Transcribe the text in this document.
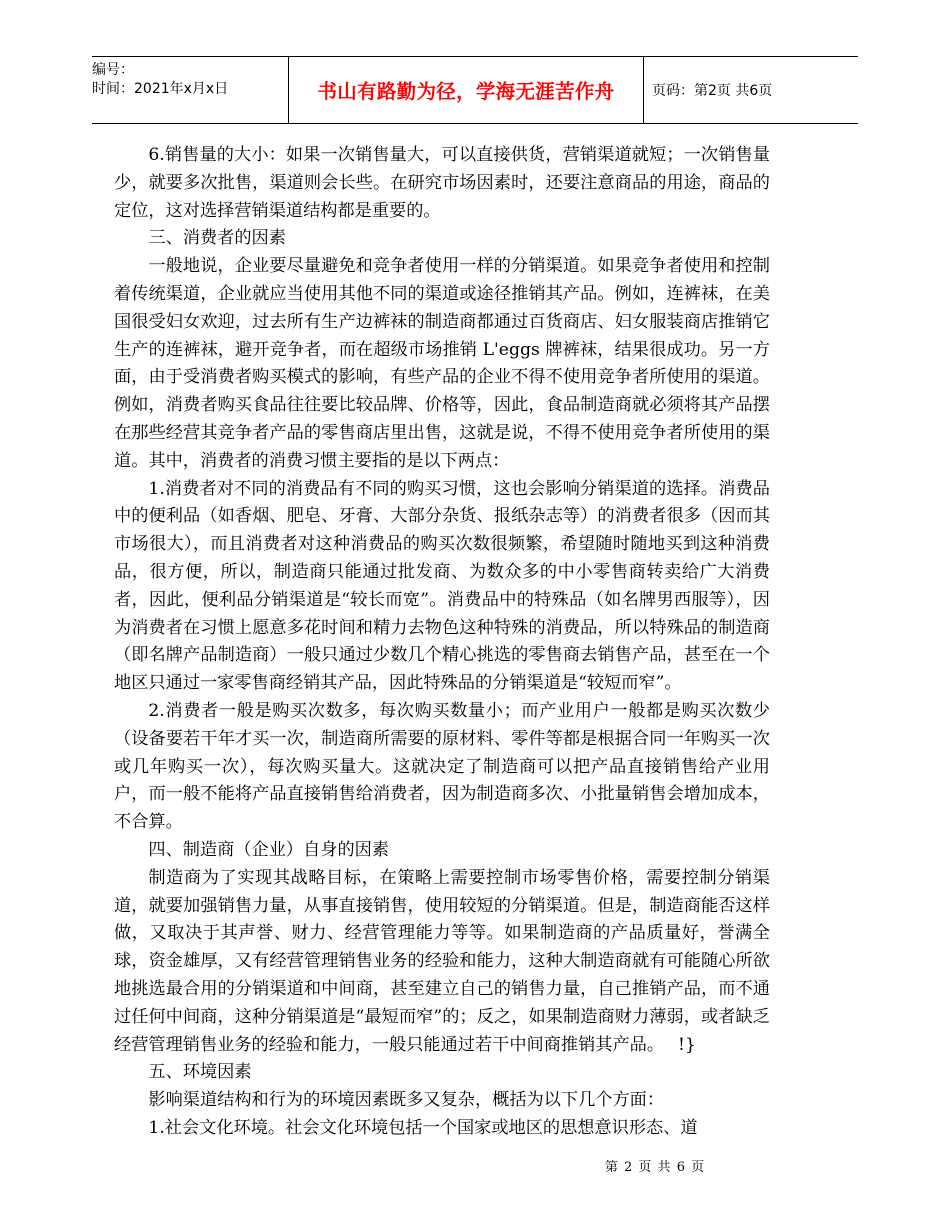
编号：
时间：2021年x月x日	书山有路勤为径，学海无涯苦作舟	页码：第2页 共6页

6.销售量的大小：如果一次销售量大，可以直接供货，营销渠道就短；一次销售量少，就要多次批售，渠道则会长些。在研究市场因素时，还要注意商品的用途，商品的定位，这对选择营销渠道结构都是重要的。

三、消费者的因素

一般地说，企业要尽量避免和竞争者使用一样的分销渠道。如果竞争者使用和控制着传统渠道，企业就应当使用其他不同的渠道或途径推销其产品。例如，连裤袜，在美国很受妇女欢迎，过去所有生产边裤袜的制造商都通过百货商店、妇女服装商店推销它生产的连裤袜，避开竞争者，而在超级市场推销 L'eggs 牌裤袜，结果很成功。另一方面，由于受消费者购买模式的影响，有些产品的企业不得不使用竞争者所使用的渠道。例如，消费者购买食品往往要比较品牌、价格等，因此，食品制造商就必须将其产品摆在那些经营其竞争者产品的零售商店里出售，这就是说，不得不使用竞争者所使用的渠道。其中，消费者的消费习惯主要指的是以下两点：

1.消费者对不同的消费品有不同的购买习惯，这也会影响分销渠道的选择。消费品中的便利品（如香烟、肥皂、牙膏、大部分杂货、报纸杂志等）的消费者很多（因而其市场很大），而且消费者对这种消费品的购买次数很频繁，希望随时随地买到这种消费品，很方便，所以，制造商只能通过批发商、为数众多的中小零售商转卖给广大消费者，因此，便利品分销渠道是“较长而宽”。消费品中的特殊品（如名牌男西服等），因为消费者在习惯上愿意多花时间和精力去物色这种特殊的消费品，所以特殊品的制造商（即名牌产品制造商）一般只通过少数几个精心挑选的零售商去销售产品，甚至在一个地区只通过一家零售商经销其产品，因此特殊品的分销渠道是“较短而窄”。

2.消费者一般是购买次数多，每次购买数量小；而产业用户一般都是购买次数少（设备要若干年才买一次，制造商所需要的原材料、零件等都是根据合同一年购买一次或几年购买一次），每次购买量大。这就决定了制造商可以把产品直接销售给产业用户，而一般不能将产品直接销售给消费者，因为制造商多次、小批量销售会增加成本，不合算。

四、制造商（企业）自身的因素

制造商为了实现其战略目标，在策略上需要控制市场零售价格，需要控制分销渠道，就要加强销售力量，从事直接销售，使用较短的分销渠道。但是，制造商能否这样做，又取决于其声誉、财力、经营管理能力等等。如果制造商的产品质量好，誉满全球，资金雄厚，又有经营管理销售业务的经验和能力，这种大制造商就有可能随心所欲地挑选最合用的分销渠道和中间商，甚至建立自己的销售力量，自己推销产品，而不通过任何中间商，这种分销渠道是“最短而窄”的；反之，如果制造商财力薄弱，或者缺乏经营管理销售业务的经验和能力，一般只能通过若干中间商推销其产品。　 !}

五、环境因素

影响渠道结构和行为的环境因素既多又复杂，概括为以下几个方面：

1.社会文化环境。社会文化环境包括一个国家或地区的思想意识形态、道

第 2 页 共 6 页
